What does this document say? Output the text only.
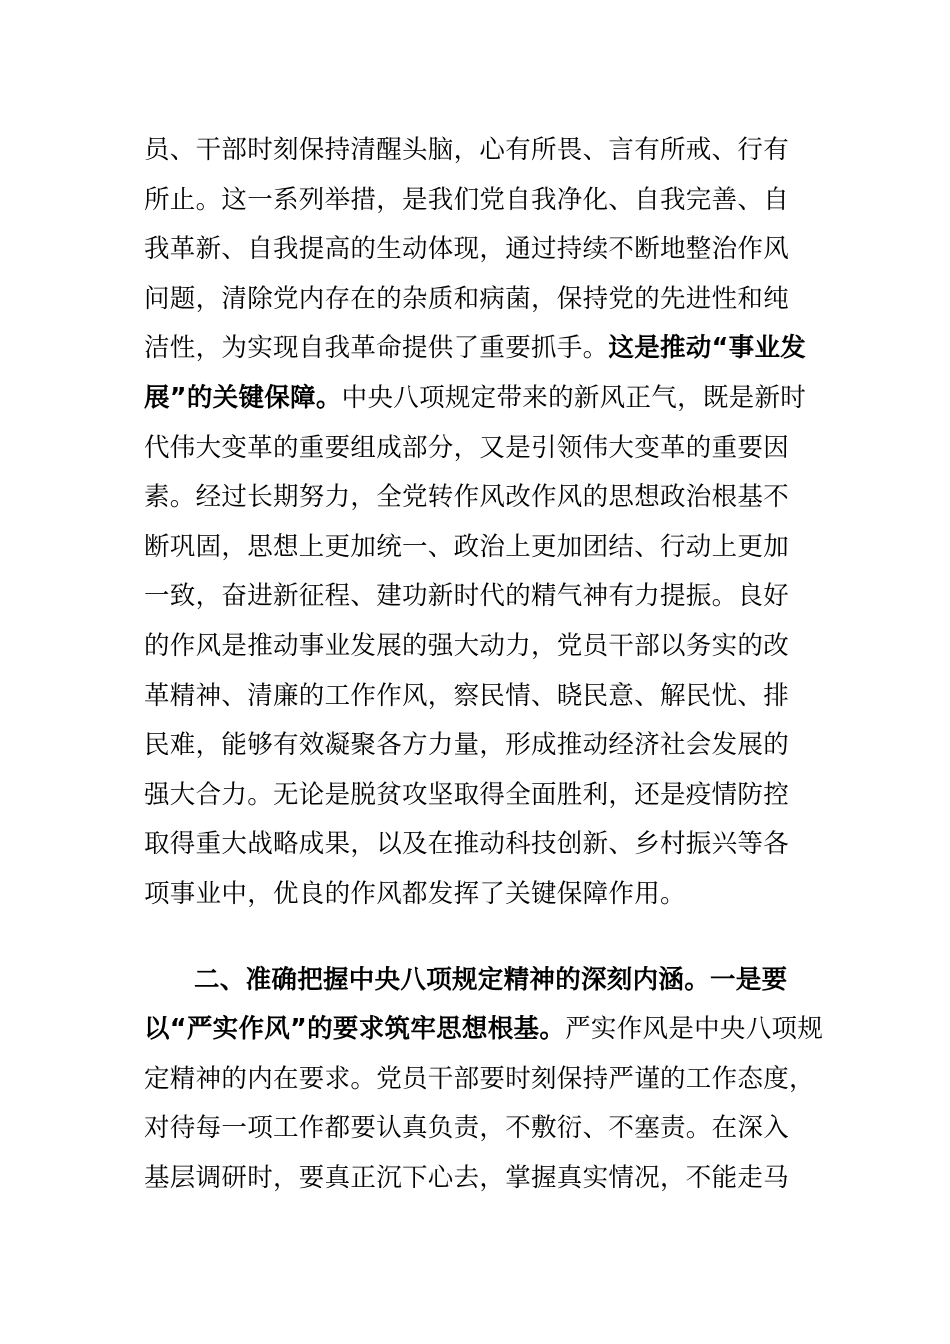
员、干部时刻保持清醒头脑，心有所畏、言有所戒、行有
所止。这一系列举措，是我们党自我净化、自我完善、自
我革新、自我提高的生动体现，通过持续不断地整治作风
问题，清除党内存在的杂质和病菌，保持党的先进性和纯
洁性，为实现自我革命提供了重要抓手。这是推动“事业发
展”的关键保障。中央八项规定带来的新风正气，既是新时
代伟大变革的重要组成部分，又是引领伟大变革的重要因
素。经过长期努力，全党转作风改作风的思想政治根基不
断巩固，思想上更加统一、政治上更加团结、行动上更加
一致，奋进新征程、建功新时代的精气神有力提振。良好
的作风是推动事业发展的强大动力，党员干部以务实的改
革精神、清廉的工作作风，察民情、晓民意、解民忧、排
民难，能够有效凝聚各方力量，形成推动经济社会发展的
强大合力。无论是脱贫攻坚取得全面胜利，还是疫情防控
取得重大战略成果，以及在推动科技创新、乡村振兴等各
项事业中，优良的作风都发挥了关键保障作用。
二、准确把握中央八项规定精神的深刻内涵。一是要
以“严实作风”的要求筑牢思想根基。严实作风是中央八项规
定精神的内在要求。党员干部要时刻保持严谨的工作态度，
对待每一项工作都要认真负责，不敷衍、不塞责。在深入
基层调研时，要真正沉下心去，掌握真实情况，不能走马
